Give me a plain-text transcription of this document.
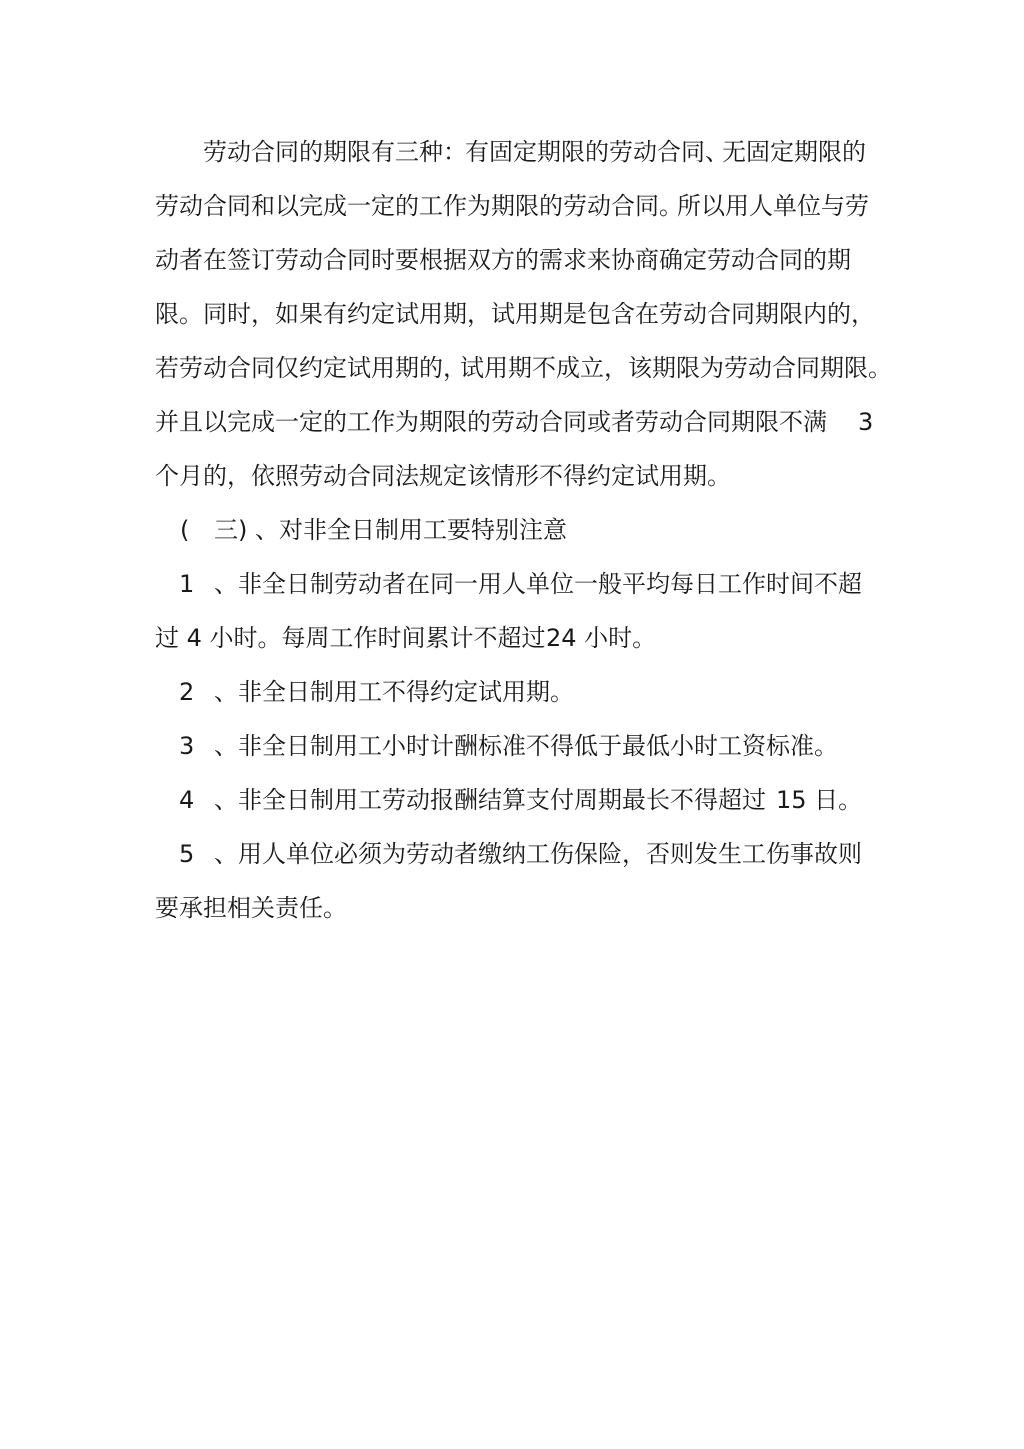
劳动合同的期限有三种：

有固定期限的劳动合同、

无固定期限的

劳动合同和以完成一定的工作为期限的劳动合同。

所以用人单位与劳

动者在签订劳动合同时要根据双方的需求来协商确定劳动合同的期

限。同时，如果有约定试用期，试用期是包含在劳动合同期限内的，

若劳动合同仅约定试用期的，

试用期不成立，该期限为劳动合同期限。

并且以完成一定的工作为期限的劳动合同或者劳动合同期限不满

3

个月的，依照劳动合同法规定该情形不得约定试用期。

(

三) 、对非全日制用工要特别注意

1

、非全日制劳动者在同一用人单位一般平均每日工作时间不超

过 4 小时。每周工作时间累计不超过

24 小时。

2

、非全日制用工不得约定试用期。

3

、非全日制用工小时计酬标准不得低于最低小时工资标准。

4

、非全日制用工劳动报酬结算支付周期最长不得超过

15 日。

5

、用人单位必须为劳动者缴纳工伤保险，否则发生工伤事故则

要承担相关责任。
